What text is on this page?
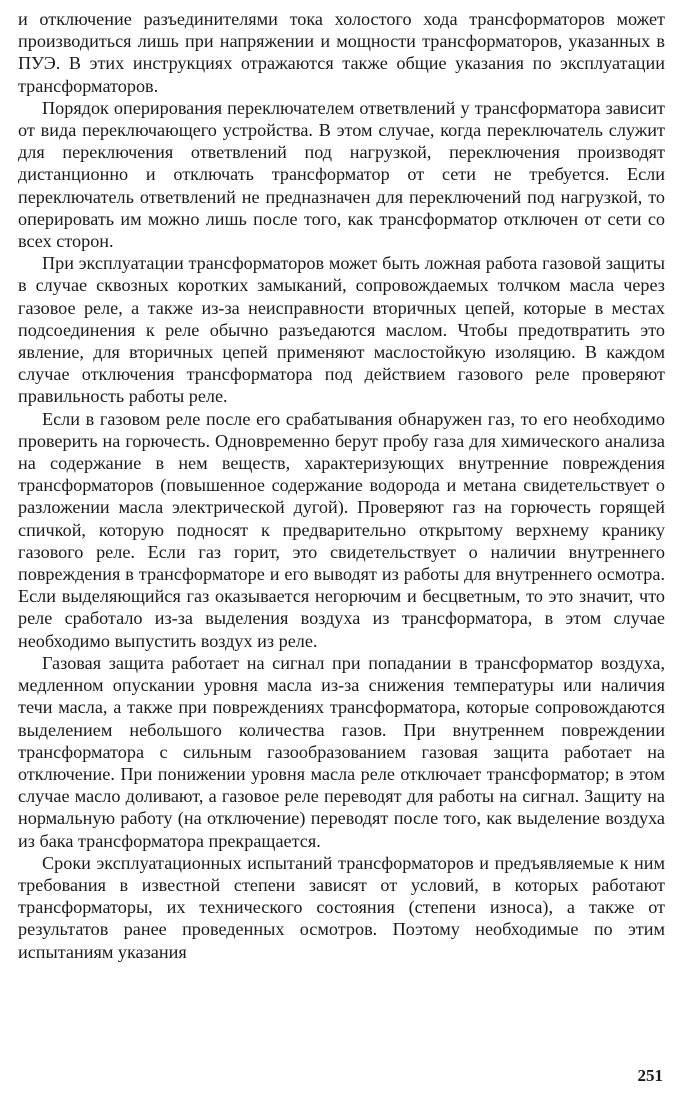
и отключение разъединителями тока холостого хода трансформаторов может производиться лишь при напряжении и мощности трансформаторов, указанных в ПУЭ. В этих инструкциях отражаются также общие указания по эксплуатации трансформаторов.

Порядок оперирования переключателем ответвлений у трансформатора зависит от вида переключающего устройства. В этом случае, когда переключатель служит для переключения ответвлений под нагрузкой, переключения производят дистанционно и отключать трансформатор от сети не требуется. Если переключатель ответвлений не предназначен для переключений под нагрузкой, то оперировать им можно лишь после того, как трансформатор отключен от сети со всех сторон.

При эксплуатации трансформаторов может быть ложная работа газовой защиты в случае сквозных коротких замыканий, сопровождаемых толчком масла через газовое реле, а также из-за неисправности вторичных цепей, которые в местах подсоединения к реле обычно разъедаются маслом. Чтобы предотвратить это явление, для вторичных цепей применяют маслостойкую изоляцию. В каждом случае отключения трансформатора под действием газового реле проверяют правильность работы реле.

Если в газовом реле после его срабатывания обнаружен газ, то его необходимо проверить на горючесть. Одновременно берут пробу газа для химического анализа на содержание в нем веществ, характеризующих внутренние повреждения трансформаторов (повышенное содержание водорода и метана свидетельствует о разложении масла электрической дугой). Проверяют газ на горючесть горящей спичкой, которую подносят к предварительно открытому верхнему кранику газового реле. Если газ горит, это свидетельствует о наличии внутреннего повреждения в трансформаторе и его выводят из работы для внутреннего осмотра. Если выделяющийся газ оказывается негорючим и бесцветным, то это значит, что реле сработало из-за выделения воздуха из трансформатора, в этом случае необходимо выпустить воздух из реле.

Газовая защита работает на сигнал при попадании в трансформатор воздуха, медленном опускании уровня масла из-за снижения температуры или наличия течи масла, а также при повреждениях трансформатора, которые сопровождаются выделением небольшого количества газов. При внутреннем повреждении трансформатора с сильным газообразованием газовая защита работает на отключение. При понижении уровня масла реле отключает трансформатор; в этом случае масло доливают, а газовое реле переводят для работы на сигнал. Защиту на нормальную работу (на отключение) переводят после того, как выделение воздуха из бака трансформатора прекращается.

Сроки эксплуатационных испытаний трансформаторов и предъявляемые к ним требования в известной степени зависят от условий, в которых работают трансформаторы, их технического состояния (степени износа), а также от результатов ранее проведенных осмотров. Поэтому необходимые по этим испытаниям указания

251
